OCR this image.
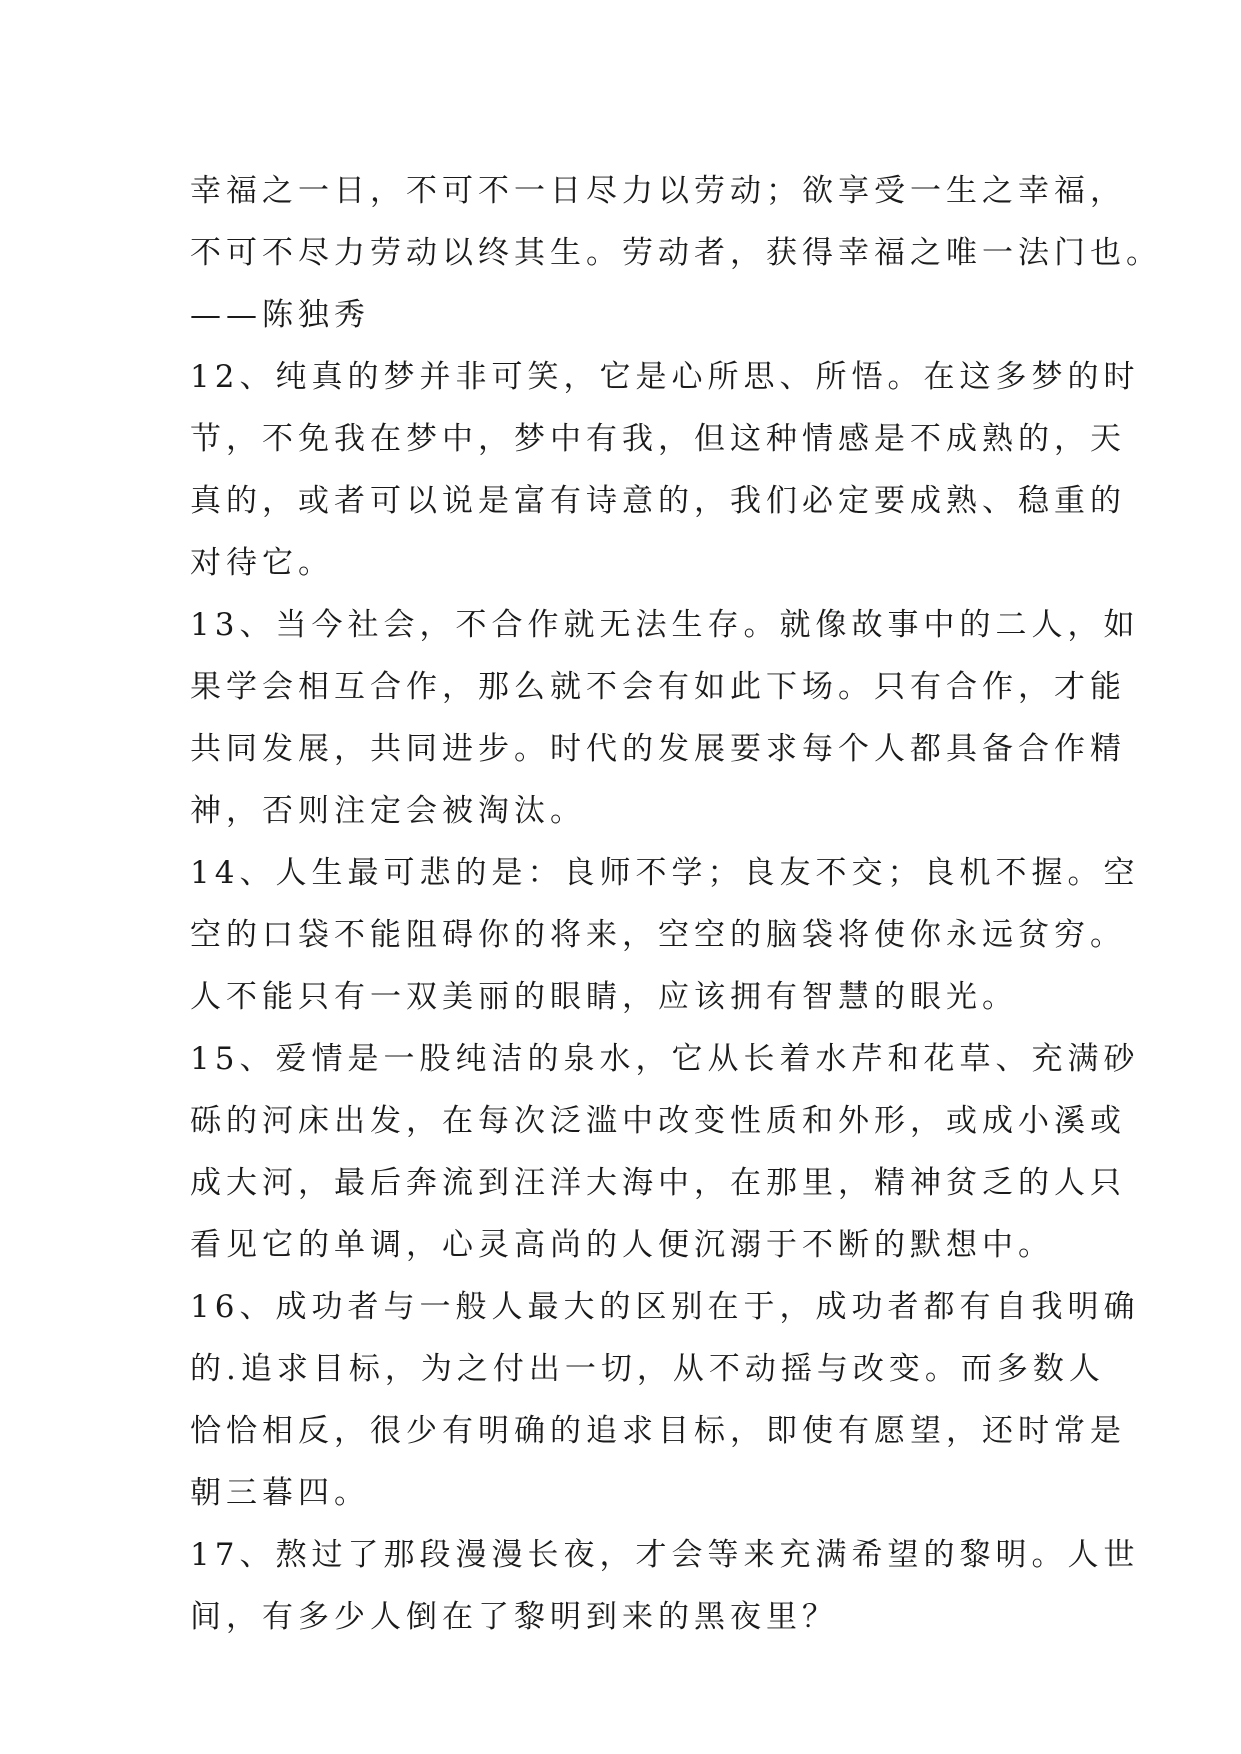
幸福之一日，不可不一日尽力以劳动；欲享受一生之幸福，
不可不尽力劳动以终其生。劳动者，获得幸福之唯一法门也。
——陈独秀
12、纯真的梦并非可笑，它是心所思、所悟。在这多梦的时
节，不免我在梦中，梦中有我，但这种情感是不成熟的，天
真的，或者可以说是富有诗意的，我们必定要成熟、稳重的
对待它。
13、当今社会，不合作就无法生存。就像故事中的二人，如
果学会相互合作，那么就不会有如此下场。只有合作，才能
共同发展，共同进步。时代的发展要求每个人都具备合作精
神，否则注定会被淘汰。
14、人生最可悲的是：良师不学；良友不交；良机不握。空
空的口袋不能阻碍你的将来，空空的脑袋将使你永远贫穷。
人不能只有一双美丽的眼睛，应该拥有智慧的眼光。
15、爱情是一股纯洁的泉水，它从长着水芹和花草、充满砂
砾的河床出发，在每次泛滥中改变性质和外形，或成小溪或
成大河，最后奔流到汪洋大海中，在那里，精神贫乏的人只
看见它的单调，心灵高尚的人便沉溺于不断的默想中。
16、成功者与一般人最大的区别在于，成功者都有自我明确
的.追求目标，为之付出一切，从不动摇与改变。而多数人
恰恰相反，很少有明确的追求目标，即使有愿望，还时常是
朝三暮四。
17、熬过了那段漫漫长夜，才会等来充满希望的黎明。人世
间，有多少人倒在了黎明到来的黑夜里？
